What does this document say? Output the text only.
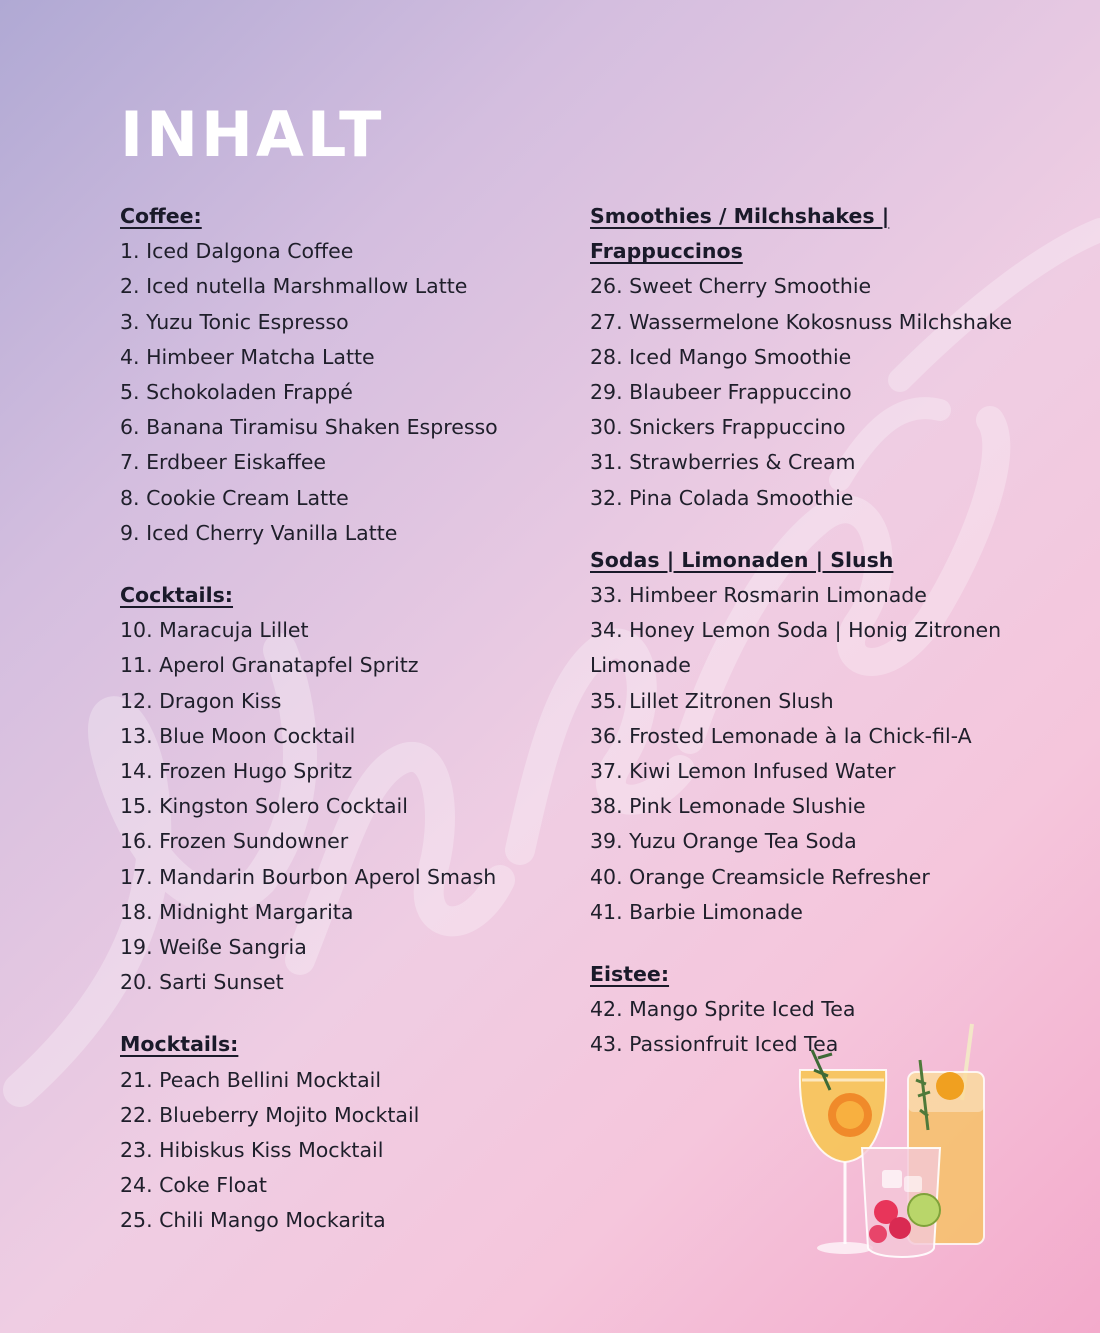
INHALT
Coffee:
1. Iced Dalgona Coffee
2. Iced nutella Marshmallow Latte
3. Yuzu Tonic Espresso
4. Himbeer Matcha Latte
5. Schokoladen Frappé
6. Banana Tiramisu Shaken Espresso
7. Erdbeer Eiskaffee
8. Cookie Cream Latte
9. Iced Cherry Vanilla Latte
Cocktails:
10. Maracuja Lillet
11. Aperol Granatapfel Spritz
12. Dragon Kiss
13. Blue Moon Cocktail
14. Frozen Hugo Spritz
15. Kingston Solero Cocktail
16. Frozen Sundowner
17. Mandarin Bourbon Aperol Smash
18. Midnight Margarita
19. Weiße Sangria
20. Sarti Sunset
Mocktails:
21. Peach Bellini Mocktail
22. Blueberry Mojito Mocktail
23. Hibiskus Kiss Mocktail
24. Coke Float
25. Chili Mango Mockarita
Smoothies / Milchshakes | Frappuccinos
26. Sweet Cherry Smoothie
27. Wassermelone Kokosnuss Milchshake
28. Iced Mango Smoothie
29. Blaubeer Frappuccino
30. Snickers Frappuccino
31. Strawberries & Cream
32. Pina Colada Smoothie
Sodas | Limonaden | Slush
33. Himbeer Rosmarin Limonade
34. Honey Lemon Soda | Honig Zitronen Limonade
35. Lillet Zitronen Slush
36. Frosted Lemonade à la Chick-fil-A
37. Kiwi Lemon Infused Water
38. Pink Lemonade Slushie
39. Yuzu Orange Tea Soda
40. Orange Creamsicle Refresher
41. Barbie Limonade
Eistee:
42. Mango Sprite Iced Tea
43. Passionfruit Iced Tea
